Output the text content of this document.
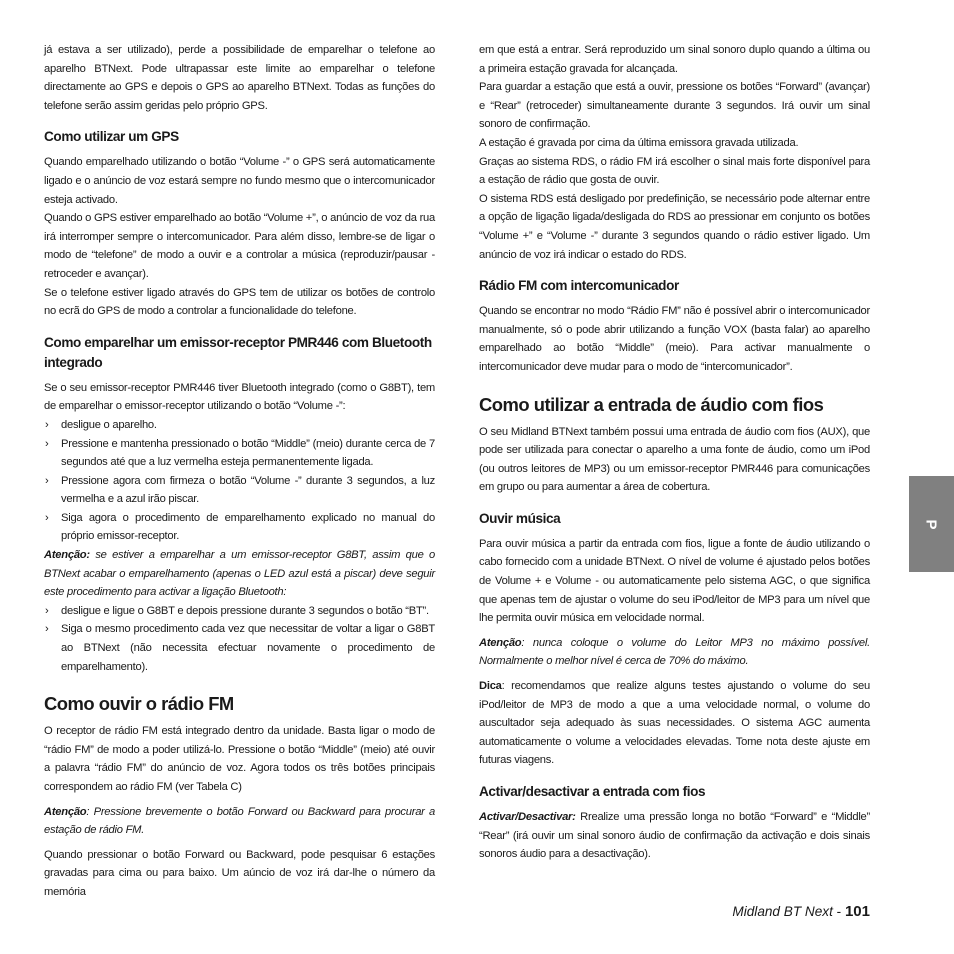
já estava a ser utilizado), perde a possibilidade de emparelhar o telefone ao aparelho BTNext. Pode ultrapassar este limite ao emparelhar o telefone directamente ao GPS e depois o GPS ao aparelho BTNext. Todas as funções do telefone serão assim geridas pelo próprio GPS.

Como utilizar um GPS

Quando emparelhado utilizando o botão “Volume -” o GPS será automaticamente ligado e o anúncio de voz estará sempre no fundo mesmo que o intercomunicador esteja activado.

Quando o GPS estiver emparelhado ao botão “Volume +”, o anúncio de voz da rua irá interromper sempre o intercomunicador. Para além disso, lembre-se de ligar o modo de “telefone” de modo a ouvir e a controlar a música (reproduzir/pausar - retroceder e avançar).

Se o telefone estiver ligado através do GPS tem de utilizar os botões de controlo no ecrã do GPS de modo a controlar a funcionalidade do telefone.

Como emparelhar um emissor-receptor PMR446 com Bluetooth integrado

Se o seu emissor-receptor PMR446 tiver Bluetooth integrado (como o G8BT), tem de emparelhar o emissor-receptor utilizando o botão “Volume -”:

› desligue o aparelho.
› Pressione e mantenha pressionado o botão “Middle” (meio) durante cerca de 7 segundos até que a luz vermelha esteja permanentemente ligada.
› Pressione agora com firmeza o botão “Volume -” durante 3 segundos, a luz vermelha e a azul irão piscar.
› Siga agora o procedimento de emparelhamento explicado no manual do próprio emissor-receptor.

Atenção: se estiver a emparelhar a um emissor-receptor G8BT, assim que o BTNext acabar o emparelhamento (apenas o LED azul está a piscar) deve seguir este procedimento para activar a ligação Bluetooth:

› desligue e ligue o G8BT e depois pressione durante 3 segundos o botão “BT”.
› Siga o mesmo procedimento cada vez que necessitar de voltar a ligar o G8BT ao BTNext (não necessita efectuar novamente o procedimento de emparelhamento).
Como ouvir o rádio FM

O receptor de rádio FM está integrado dentro da unidade. Basta ligar o modo de “rádio FM” de modo a poder utilizá-lo. Pressione o botão “Middle” (meio) até ouvir a palavra “rádio FM” do anúncio de voz. Agora todos os três botões principais correspondem ao rádio FM (ver Tabela C)

Atenção: Pressione brevemente o botão Forward ou Backward para procurar a estação de rádio FM.

Quando pressionar o botão Forward ou Backward, pode pesquisar 6 estações gravadas para cima ou para baixo. Um aúncio de voz irá dar-lhe o número da memória

em que está a entrar. Será reproduzido um sinal sonoro duplo quando a última ou a primeira estação gravada for alcançada.

Para guardar a estação que está a ouvir, pressione os botões “Forward” (avançar) e “Rear” (retroceder) simultaneamente durante 3 segundos. Irá ouvir um sinal sonoro de confirmação.

A estação é gravada por cima da última emissora gravada utilizada.

Graças ao sistema RDS, o rádio FM irá escolher o sinal mais forte disponível para a estação de rádio que gosta de ouvir.

O sistema RDS está desligado por predefinição, se necessário pode alternar entre a opção de ligação ligada/desligada do RDS ao pressionar em conjunto os botões “Volume +” e “Volume -” durante 3 segundos quando o rádio estiver ligado. Um anúncio de voz irá indicar o estado do RDS.

Rádio FM com intercomunicador

Quando se encontrar no modo “Rádio FM” não é possível abrir o intercomunicador manualmente, só o pode abrir utilizando a função VOX (basta falar) ao aparelho emparelhado ao botão “Middle” (meio). Para activar manualmente o intercomunicador deve mudar para o modo de “intercomunicador”.

Como utilizar a entrada de áudio com fios

O seu Midland BTNext também possui uma entrada de áudio com fios (AUX), que pode ser utilizada para conectar o aparelho a uma fonte de áudio, como um iPod (ou outros leitores de MP3) ou um emissor-receptor PMR446 para comunicações em grupo ou para aumentar a área de cobertura.

Ouvir música

Para ouvir música a partir da entrada com fios, ligue a fonte de áudio utilizando o cabo fornecido com a unidade BTNext. O nível de volume é ajustado pelos botões de Volume + e Volume - ou automaticamente pelo sistema AGC, o que significa que apenas tem de ajustar o volume do seu iPod/leitor de MP3 para um nível que lhe permita ouvir música em velocidade normal.

Atenção: nunca coloque o volume do Leitor MP3 no máximo possível. Normalmente o melhor nível é cerca de 70% do máximo.

Dica: recomendamos que realize alguns testes ajustando o volume do seu iPod/leitor de MP3 de modo a que a uma velocidade normal, o volume do auscultador seja adequado às suas necessidades. O sistema AGC aumenta automaticamente o volume a velocidades elevadas. Tome nota deste ajuste em futuras viagens.

Activar/desactivar a entrada com fios

Activar/Desactivar: Rrealize uma pressão longa no botão “Forward” e “Middle” “Rear” (irá ouvir um sinal sonoro áudio de confirmação da activação e dois sinais sonoros áudio para a desactivação).

P
Midland BT Next - 101
